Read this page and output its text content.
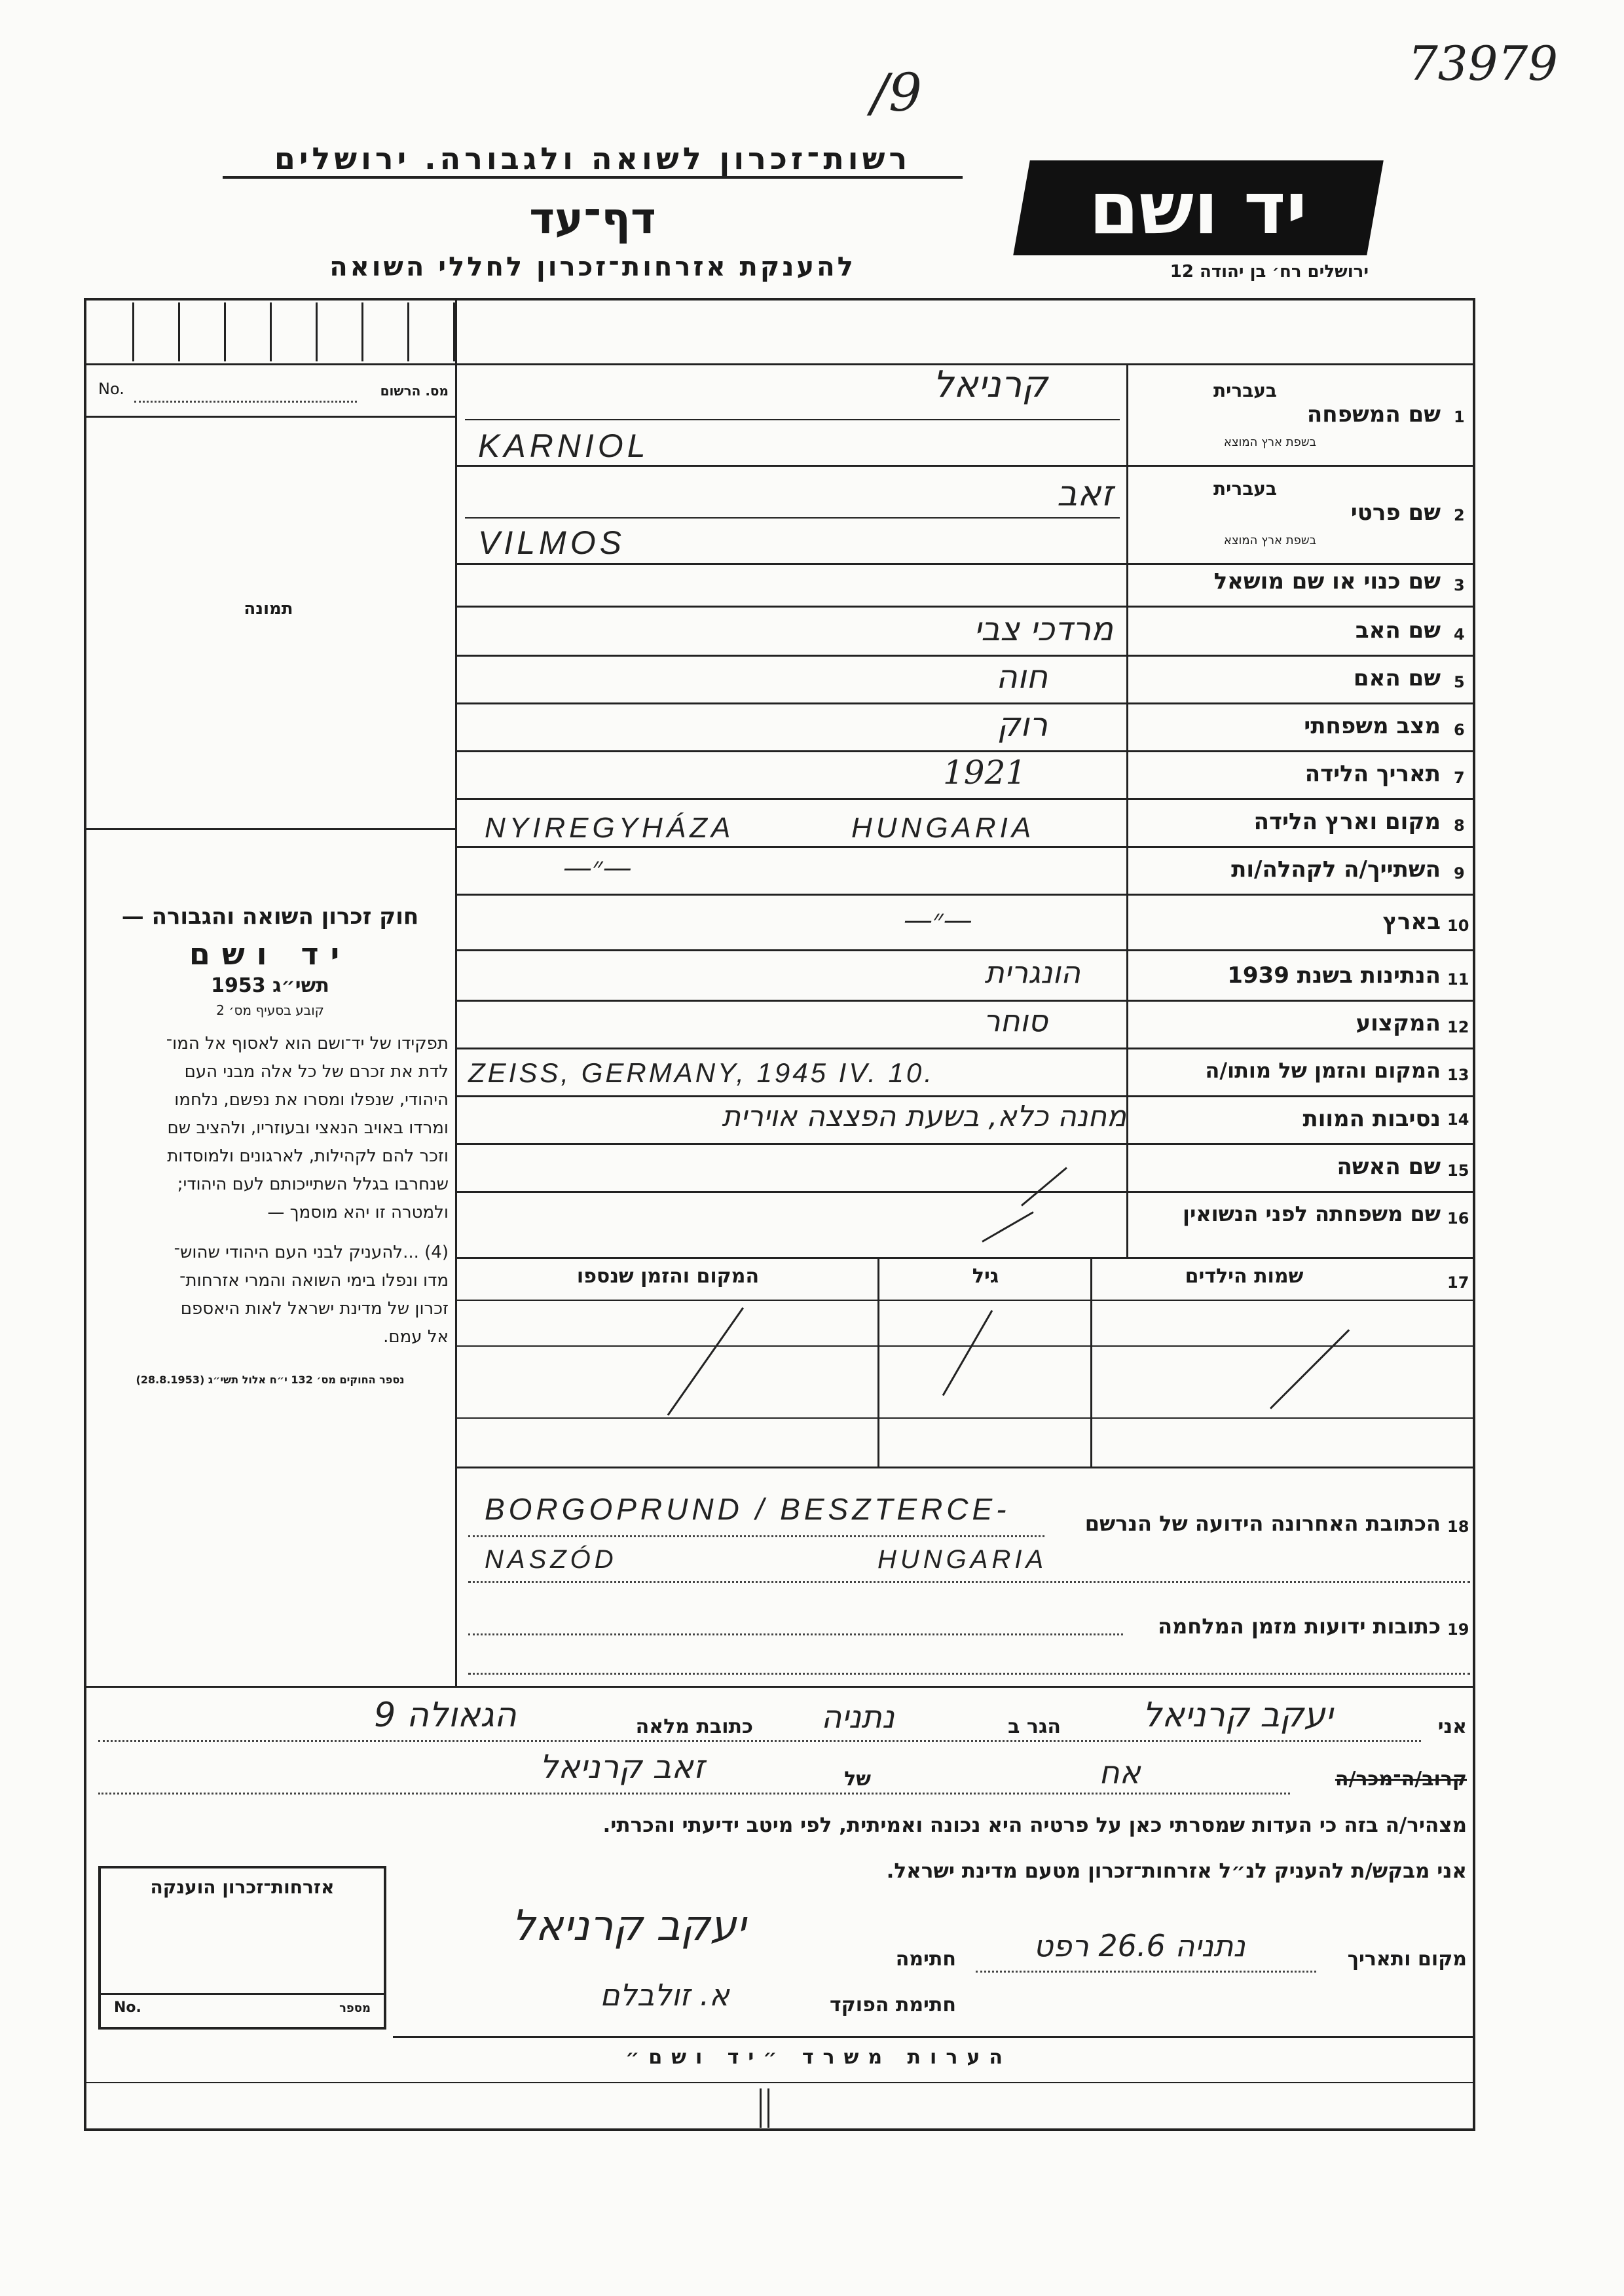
73979
/9
רשות־זכרון לשואה ולגבורה. ירושלים
דף־עד
להענקת אזרחות־זכרון לחללי השואה
יד ושם
ירושלים רח׳ בן יהודה 12
No.	מס. הרשום
תמונה
חוק זכרון השואה והגבורה —
יד ושם
תשי״ג 1953
קובע בסעיף מס׳ 2
תפקידו של יד־ושם הוא לאסוף אל המו־
לדת את זכרם של כל אלה מבני העם
היהודי, שנפלו ומסרו את נפשם, נלחמו
ומרדו באויב הנאצי ובעוזריו, ולהציב שם
וזכר להם לקהילות, לארגונים ולמוסדות
שנחרבו בגלל השתייכותם לעם היהודי;
ולמטרה זו יהא מוסמך —
(4) ...להעניק לבני העם היהודי שהוש־
מדו ונפלו בימי השואה והמרי אזרחות־
זכרון של מדינת ישראל לאות היאספם
אל עמם.
נספר החוקים מס׳ 132 י״ח אלול תשי״ג (28.8.1953)
1
שם המשפחה
בעברית
בשפת ארץ המוצא
קרניאל
KARNIOL
2
שם פרטי
בעברית
בשפת ארץ המוצא
זאב
VILMOS
3
שם כנוי או שם מושאל
4
שם האב
מרדכי צבי
5
שם האם
חוה
6
מצב משפחתי
רוק
7
תאריך הלידה
1921
8
מקום וארץ הלידה
NYIREGYHÁZA	HUNGARIA
9
השתייך/ה לקהלה/ות
—״—
10
בארץ
—״—
11
הנתינות בשנת 1939
הונגרית
12
המקצוע
סוחר
13
המקום והזמן של מותו/ה
ZEISS, GERMANY, 1945 IV. 10.
14
נסיבות המוות
מחנה כלא, בשעת הפצצה אוירית
15
שם האשה
16
שם משפחתה לפני הנשואין
17
שמות הילדים
גיל
המקום והזמן שנספו
BORGOPRUND / BESZTERCE-	הכתובת האחרונה הידועה של הנרשם 18
NASZÓD	HUNGARIA
19
כתובות ידועות מזמן המלחמה
אני
יעקב קרניאל
הגר ב
נתניה
כתובת מלאה
הגאולה 9
קרוב/ה־מכר/ה
אח
של
זאב קרניאל
מצהיר/ה בזה כי העדות שמסרתי כאן על פרטיה היא נכונה ואמיתית, לפי מיטב ידיעתי והכרתי.
אני מבקש/ת להעניק לנ״ל אזרחות־זכרון מטעם מדינת ישראל.
אזרחות־זכרון הוענקה
No.	מספר
מקום ותאריך
נתניה 26.6 רפט
חתימה
יעקב קרניאל
חתימת הפוקד
א. זולבלם
הערות משרד ״יד ושם״
